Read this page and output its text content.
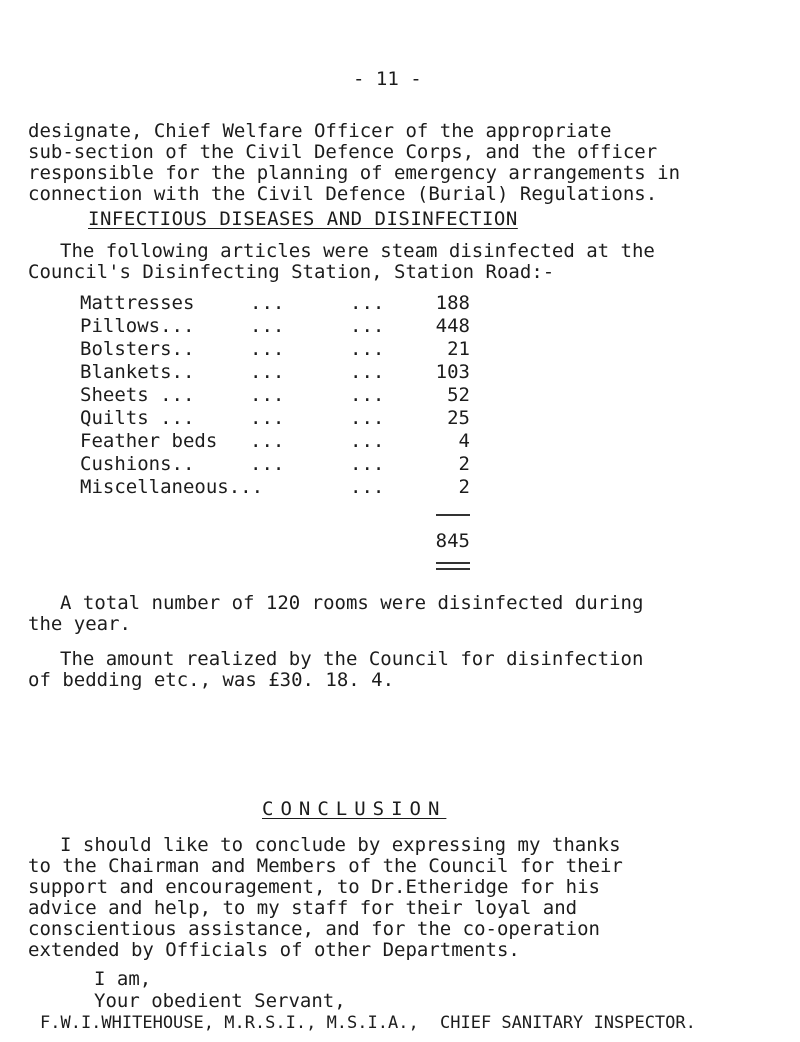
- 11 -
designate, Chief Welfare Officer of the appropriate
sub-section of the Civil Defence Corps, and the officer
responsible for the planning of emergency arrangements in
connection with the Civil Defence (Burial) Regulations.
INFECTIOUS DISEASES AND DISINFECTION
The following articles were steam disinfected at the
Council's Disinfecting Station, Station Road:-
Mattresses	...	...	188
Pillows...	...	...	448
Bolsters..	...	...	21
Blankets..	...	...	103
Sheets ...	...	...	52
Quilts ...	...	...	25
Feather beds ...	...	4
Cushions..	...	...	2
Miscellaneous...	...	2
845
A total number of 120 rooms were disinfected during
the year.
The amount realized by the Council for disinfection
of bedding etc., was £30. 18. 4.
CONCLUSION
I should like to conclude by expressing my thanks
to the Chairman and Members of the Council for their
support and encouragement, to Dr.Etheridge for his
advice and help, to my staff for their loyal and
conscientious assistance, and for the co-operation
extended by Officials of other Departments.
I am,
Your obedient Servant,
F.W.I.WHITEHOUSE, M.R.S.I., M.S.I.A., CHIEF SANITARY INSPECTOR.
